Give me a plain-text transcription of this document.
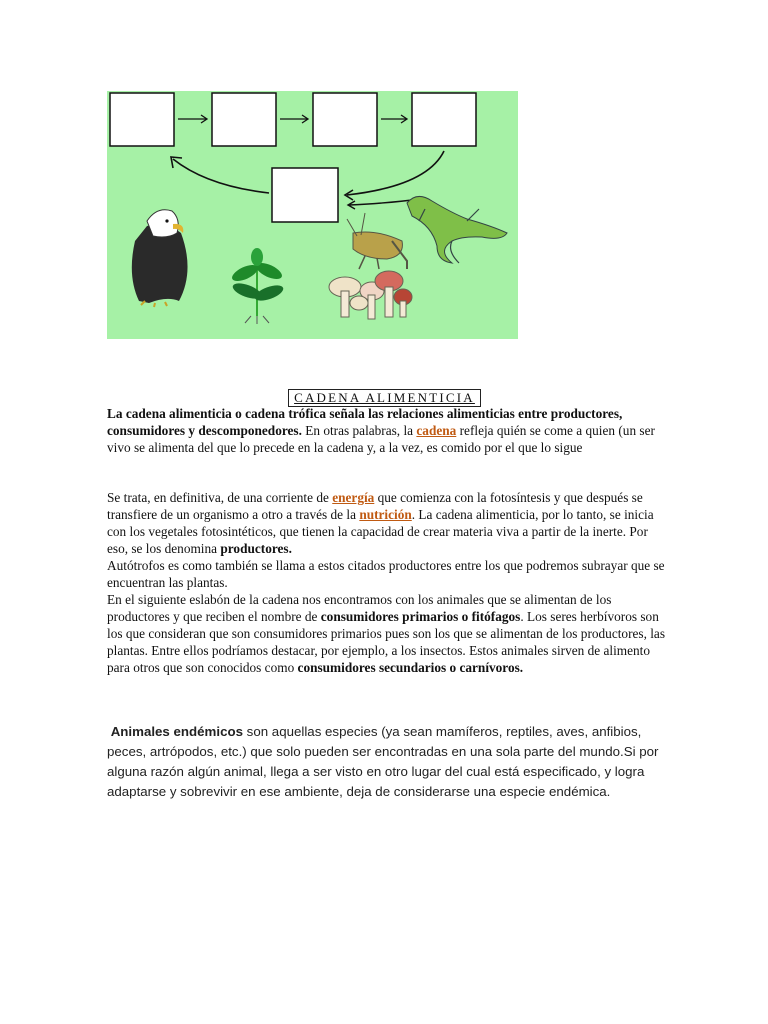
CADENA ALIMENTICIA
La cadena alimenticia o cadena trófica señala las relaciones alimenticias entre productores, consumidores y descomponedores. En otras palabras, la cadena refleja quién se come a quien (un ser vivo se alimenta del que lo precede en la cadena y, a la vez, es comido por el que lo sigue
Se trata, en definitiva, de una corriente de energía que comienza con la fotosíntesis y que después se transfiere de un organismo a otro a través de la nutrición. La cadena alimenticia, por lo tanto, se inicia con los vegetales fotosintéticos, que tienen la capacidad de crear materia viva a partir de la inerte. Por eso, se los denomina productores.
Autótrofos es como también se llama a estos citados productores entre los que podremos subrayar que se encuentran las plantas.
En el siguiente eslabón de la cadena nos encontramos con los animales que se alimentan de los productores y que reciben el nombre de consumidores primarios o fitófagos. Los seres herbívoros son los que consideran que son consumidores primarios pues son los que se alimentan de los productores, las plantas. Entre ellos podríamos destacar, por ejemplo, a los insectos. Estos animales sirven de alimento para otros que son conocidos como consumidores secundarios o carnívoros.
Animales endémicos son aquellas especies (ya sean mamíferos, reptiles, aves, anfibios, peces, artrópodos, etc.) que solo pueden ser encontradas en una sola parte del mundo.Si por alguna razón algún animal, llega a ser visto en otro lugar del cual está especificado, y logra adaptarse y sobrevivir en ese ambiente, deja de considerarse una especie endémica.
